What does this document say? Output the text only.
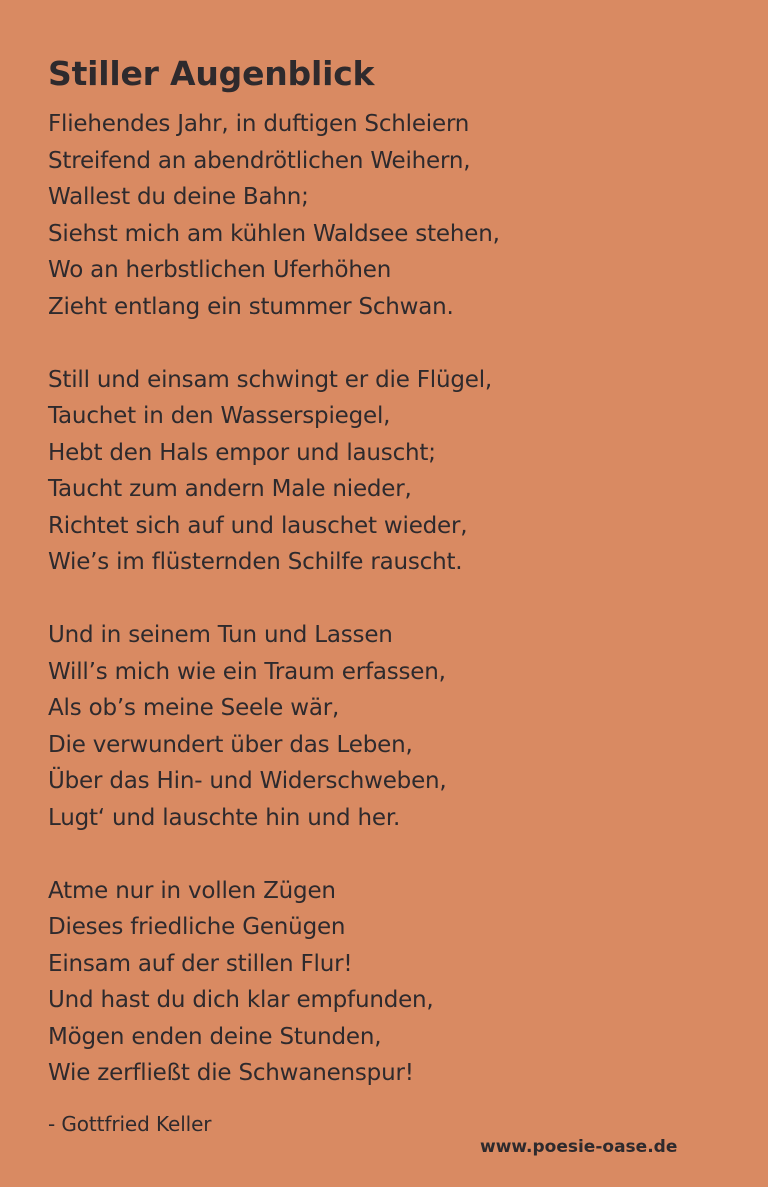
Stiller Augenblick
Fliehendes Jahr, in duftigen Schleiern
Streifend an abendrötlichen Weihern,
Wallest du deine Bahn;
Siehst mich am kühlen Waldsee stehen,
Wo an herbstlichen Uferhöhen
Zieht entlang ein stummer Schwan.
Still und einsam schwingt er die Flügel,
Tauchet in den Wasserspiegel,
Hebt den Hals empor und lauscht;
Taucht zum andern Male nieder,
Richtet sich auf und lauschet wieder,
Wie’s im flüsternden Schilfe rauscht.
Und in seinem Tun und Lassen
Will’s mich wie ein Traum erfassen,
Als ob’s meine Seele wär,
Die verwundert über das Leben,
Über das Hin- und Widerschweben,
Lugt‘ und lauschte hin und her.
Atme nur in vollen Zügen
Dieses friedliche Genügen
Einsam auf der stillen Flur!
Und hast du dich klar empfunden,
Mögen enden deine Stunden,
Wie zerfließt die Schwanenspur!
- Gottfried Keller
www.poesie-oase.de
